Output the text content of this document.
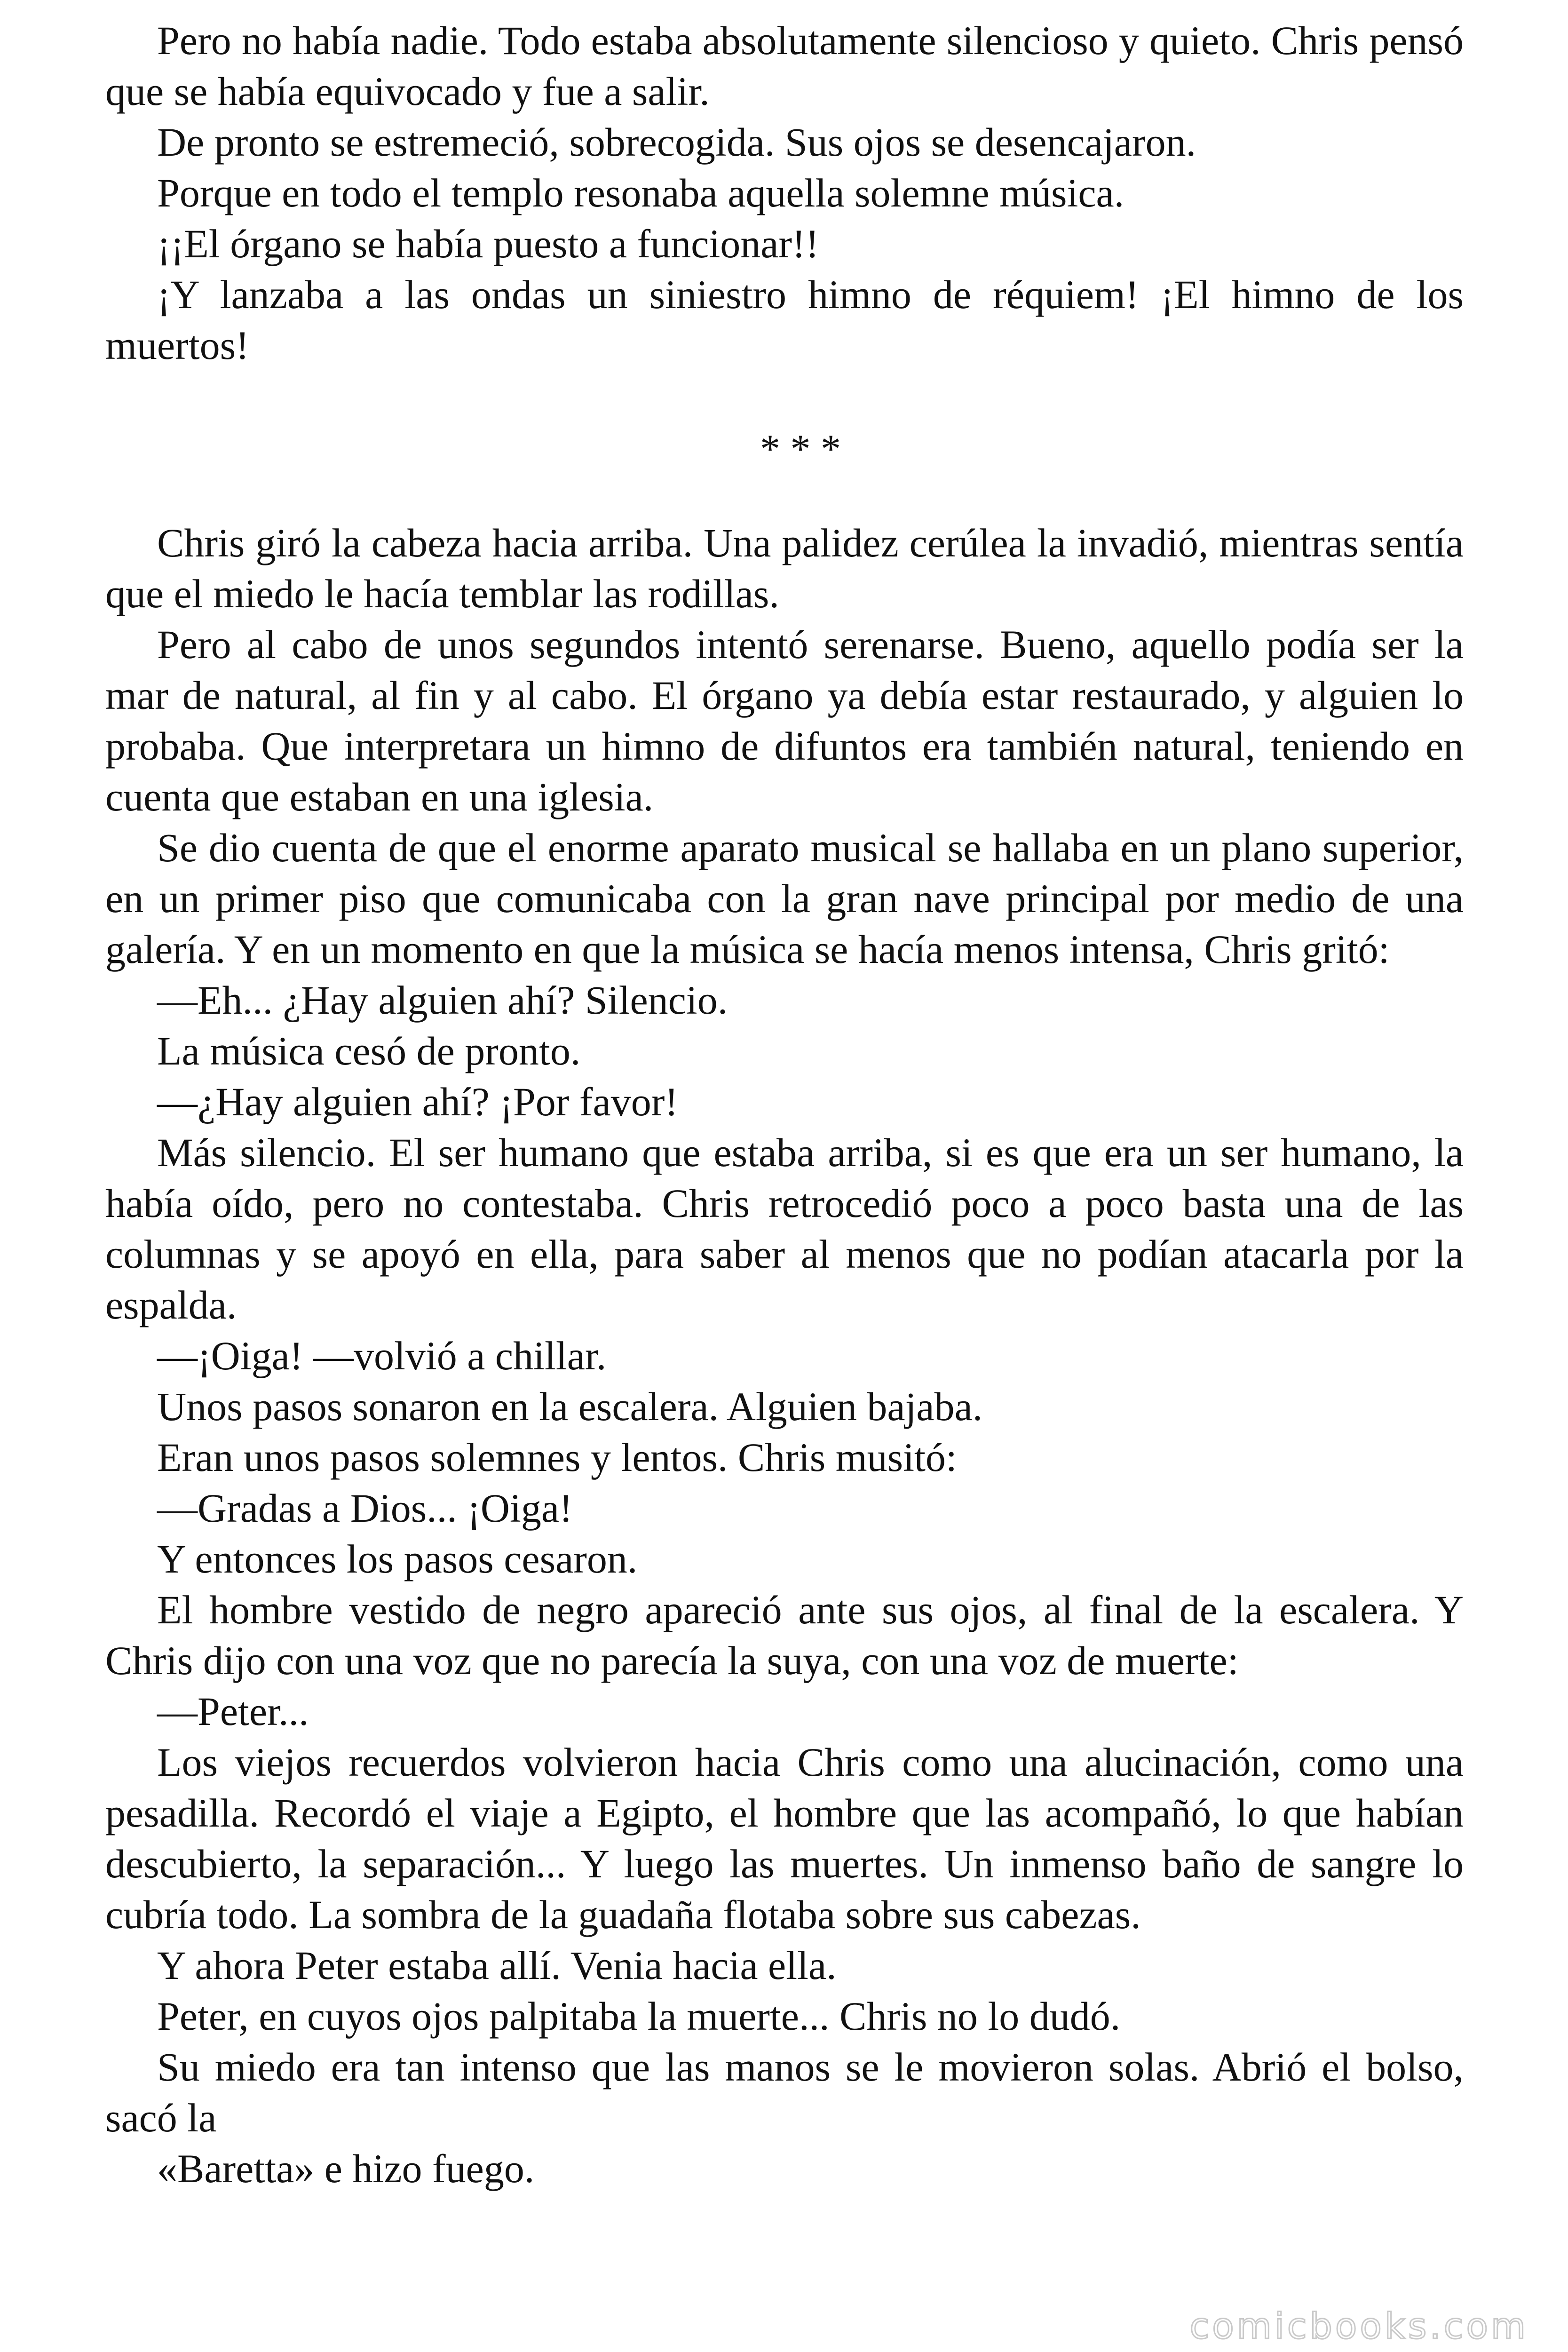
Pero no había nadie. Todo estaba absolutamente silencioso y quieto. Chris pensó que se había equivocado y fue a salir.

De pronto se estremeció, sobrecogida. Sus ojos se desencajaron.

Porque en todo el templo resonaba aquella solemne música.

¡¡El órgano se había puesto a funcionar!!

¡Y lanzaba a las ondas un siniestro himno de réquiem! ¡El himno de los muertos!

* * *

Chris giró la cabeza hacia arriba. Una palidez cerúlea la invadió, mientras sentía que el miedo le hacía temblar las rodillas.

Pero al cabo de unos segundos intentó serenarse. Bueno, aquello podía ser la mar de natural, al fin y al cabo. El órgano ya debía estar restaurado, y alguien lo probaba. Que interpretara un himno de difuntos era también natural, teniendo en cuenta que estaban en una iglesia.

Se dio cuenta de que el enorme aparato musical se hallaba en un plano superior, en un primer piso que comunicaba con la gran nave principal por medio de una galería. Y en un momento en que la música se hacía menos intensa, Chris gritó:

—Eh... ¿Hay alguien ahí? Silencio.

La música cesó de pronto.

—¿Hay alguien ahí? ¡Por favor!

Más silencio. El ser humano que estaba arriba, si es que era un ser humano, la había oído, pero no contestaba. Chris retrocedió poco a poco basta una de las columnas y se apoyó en ella, para saber al menos que no podían atacarla por la espalda.

—¡Oiga! —volvió a chillar.

Unos pasos sonaron en la escalera. Alguien bajaba.

Eran unos pasos solemnes y lentos. Chris musitó:

—Gradas a Dios... ¡Oiga!

Y entonces los pasos cesaron.

El hombre vestido de negro apareció ante sus ojos, al final de la escalera. Y Chris dijo con una voz que no parecía la suya, con una voz de muerte:

—Peter...

Los viejos recuerdos volvieron hacia Chris como una alucinación, como una pesadilla. Recordó el viaje a Egipto, el hombre que las acompañó, lo que habían descubierto, la separación... Y luego las muertes. Un inmenso baño de sangre lo cubría todo. La sombra de la guadaña flotaba sobre sus cabezas.

Y ahora Peter estaba allí. Venia hacia ella.

Peter, en cuyos ojos palpitaba la muerte... Chris no lo dudó.

Su miedo era tan intenso que las manos se le movieron solas. Abrió el bolso, sacó la

«Baretta» e hizo fuego.

comicbooks.com
